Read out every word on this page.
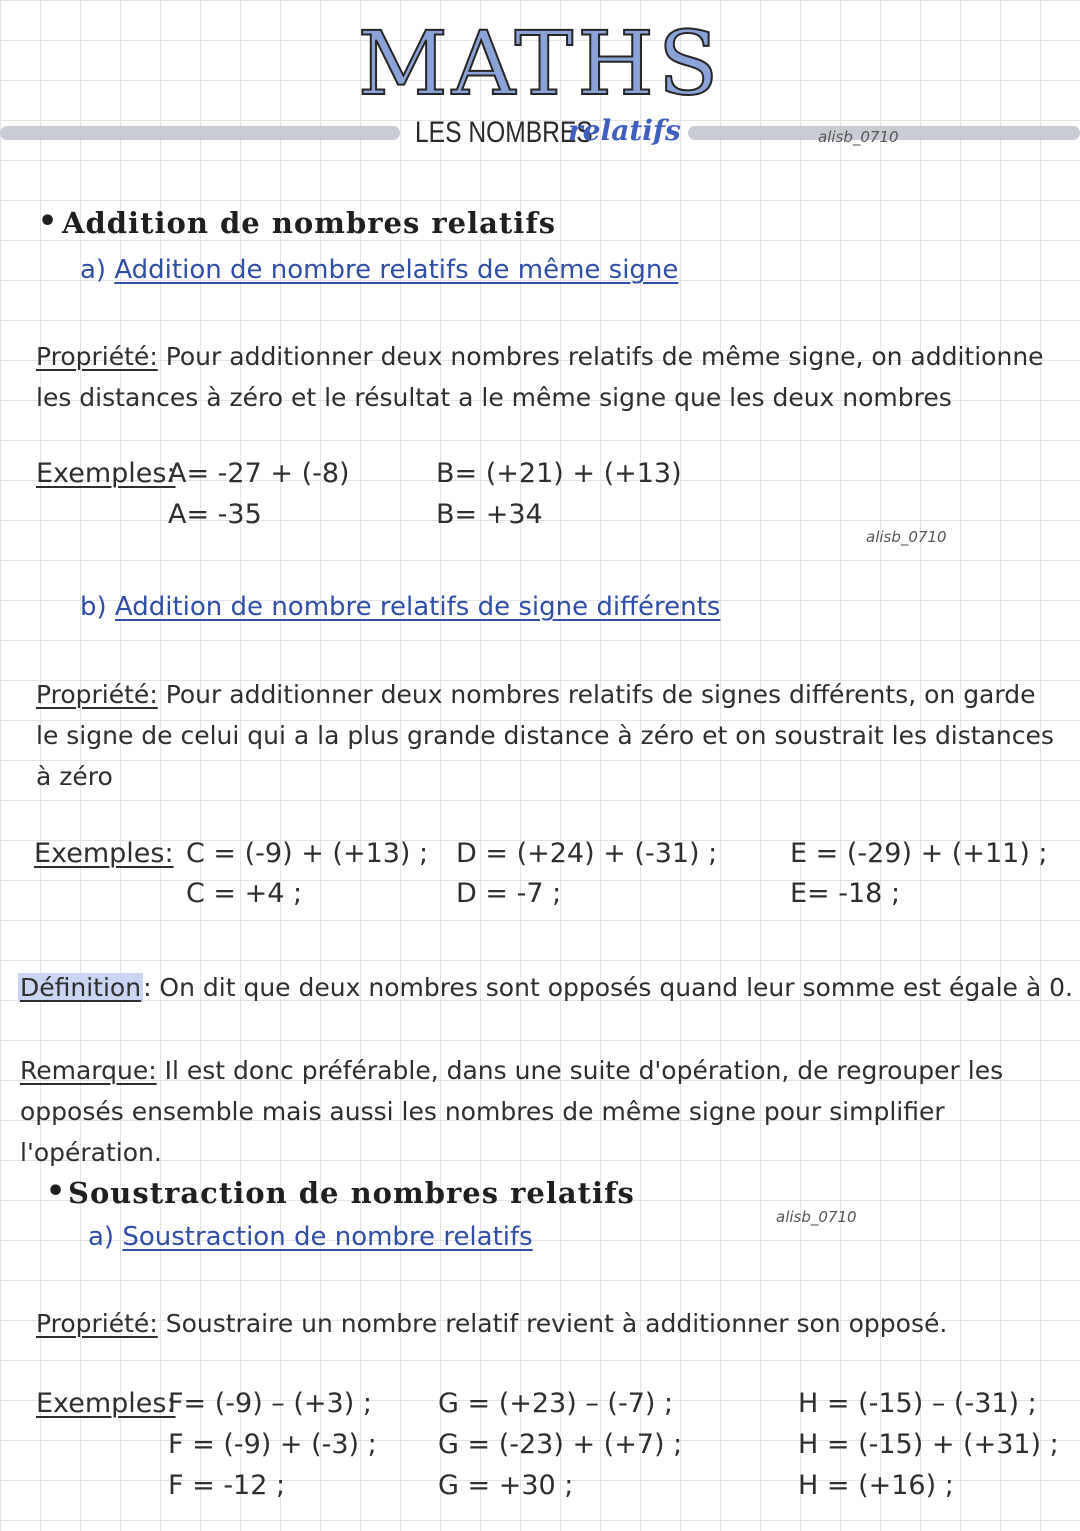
MATHS
LES NOMBRES
relatifs	alisb_0710
• Addition de nombres relatifs
a) Addition de nombre relatifs de même signe
Propriété: Pour additionner deux nombres relatifs de même signe, on additionne les distances à zéro et le résultat a le même signe que les deux nombres
Exemples:
A= -27 + (-8)
A= -35
B= (+21) + (+13)
B= +34
alisb_0710
b) Addition de nombre relatifs de signe différents
Propriété: Pour additionner deux nombres relatifs de signes différents, on garde le signe de celui qui a la plus grande distance à zéro et on soustrait les distances à zéro
Exemples: C = (-9) + (+13) ;
C = +4 ;
D = (+24) + (-31) ;
D = -7 ;
E = (-29) + (+11) ;
E= -18 ;
Définition: On dit que deux nombres sont opposés quand leur somme est égale à 0.
Remarque: Il est donc préférable, dans une suite d'opération, de regrouper les opposés ensemble mais aussi les nombres de même signe pour simplifier l'opération.
• Soustraction de nombres relatifs
alisb_0710
a) Soustraction de nombre relatifs
Propriété: Soustraire un nombre relatif revient à additionner son opposé.
Exemples:
F= (-9) – (+3) ;
F = (-9) + (-3) ;
F = -12 ;
G = (+23) – (-7) ;
G = (-23) + (+7) ;
G = +30 ;
H = (-15) – (-31) ;
H = (-15) + (+31) ;
H = (+16) ;
